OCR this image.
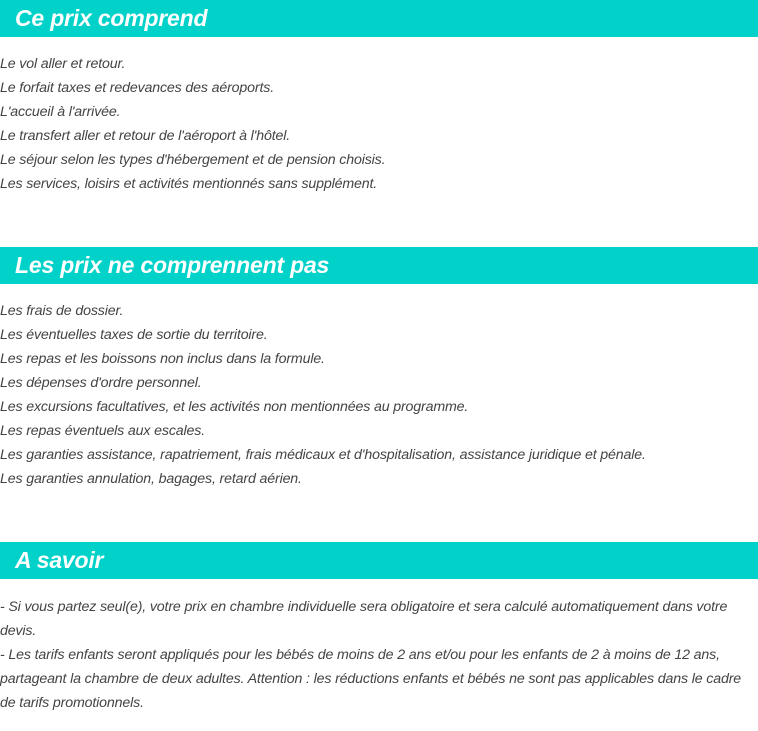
Ce prix comprend
Le vol aller et retour.
Le forfait taxes et redevances des aéroports.
L'accueil à l'arrivée.
Le transfert aller et retour de l'aéroport à l'hôtel.
Le séjour selon les types d'hébergement et de pension choisis.
Les services, loisirs et activités mentionnés sans supplément.
Les prix ne comprennent pas
Les frais de dossier.
Les éventuelles taxes de sortie du territoire.
Les repas et les boissons non inclus dans la formule.
Les dépenses d'ordre personnel.
Les excursions facultatives, et les activités non mentionnées au programme.
Les repas éventuels aux escales.
Les garanties assistance, rapatriement, frais médicaux et d'hospitalisation, assistance juridique et pénale.
Les garanties annulation, bagages, retard aérien.
A savoir

- Si vous partez seul(e), votre prix en chambre individuelle sera obligatoire et sera calculé automatiquement dans votre devis.

- Les tarifs enfants seront appliqués pour les bébés de moins de 2 ans et/ou pour les enfants de 2 à moins de 12 ans, partageant la chambre de deux adultes. Attention : les réductions enfants et bébés ne sont pas applicables dans le cadre de tarifs promotionnels.
